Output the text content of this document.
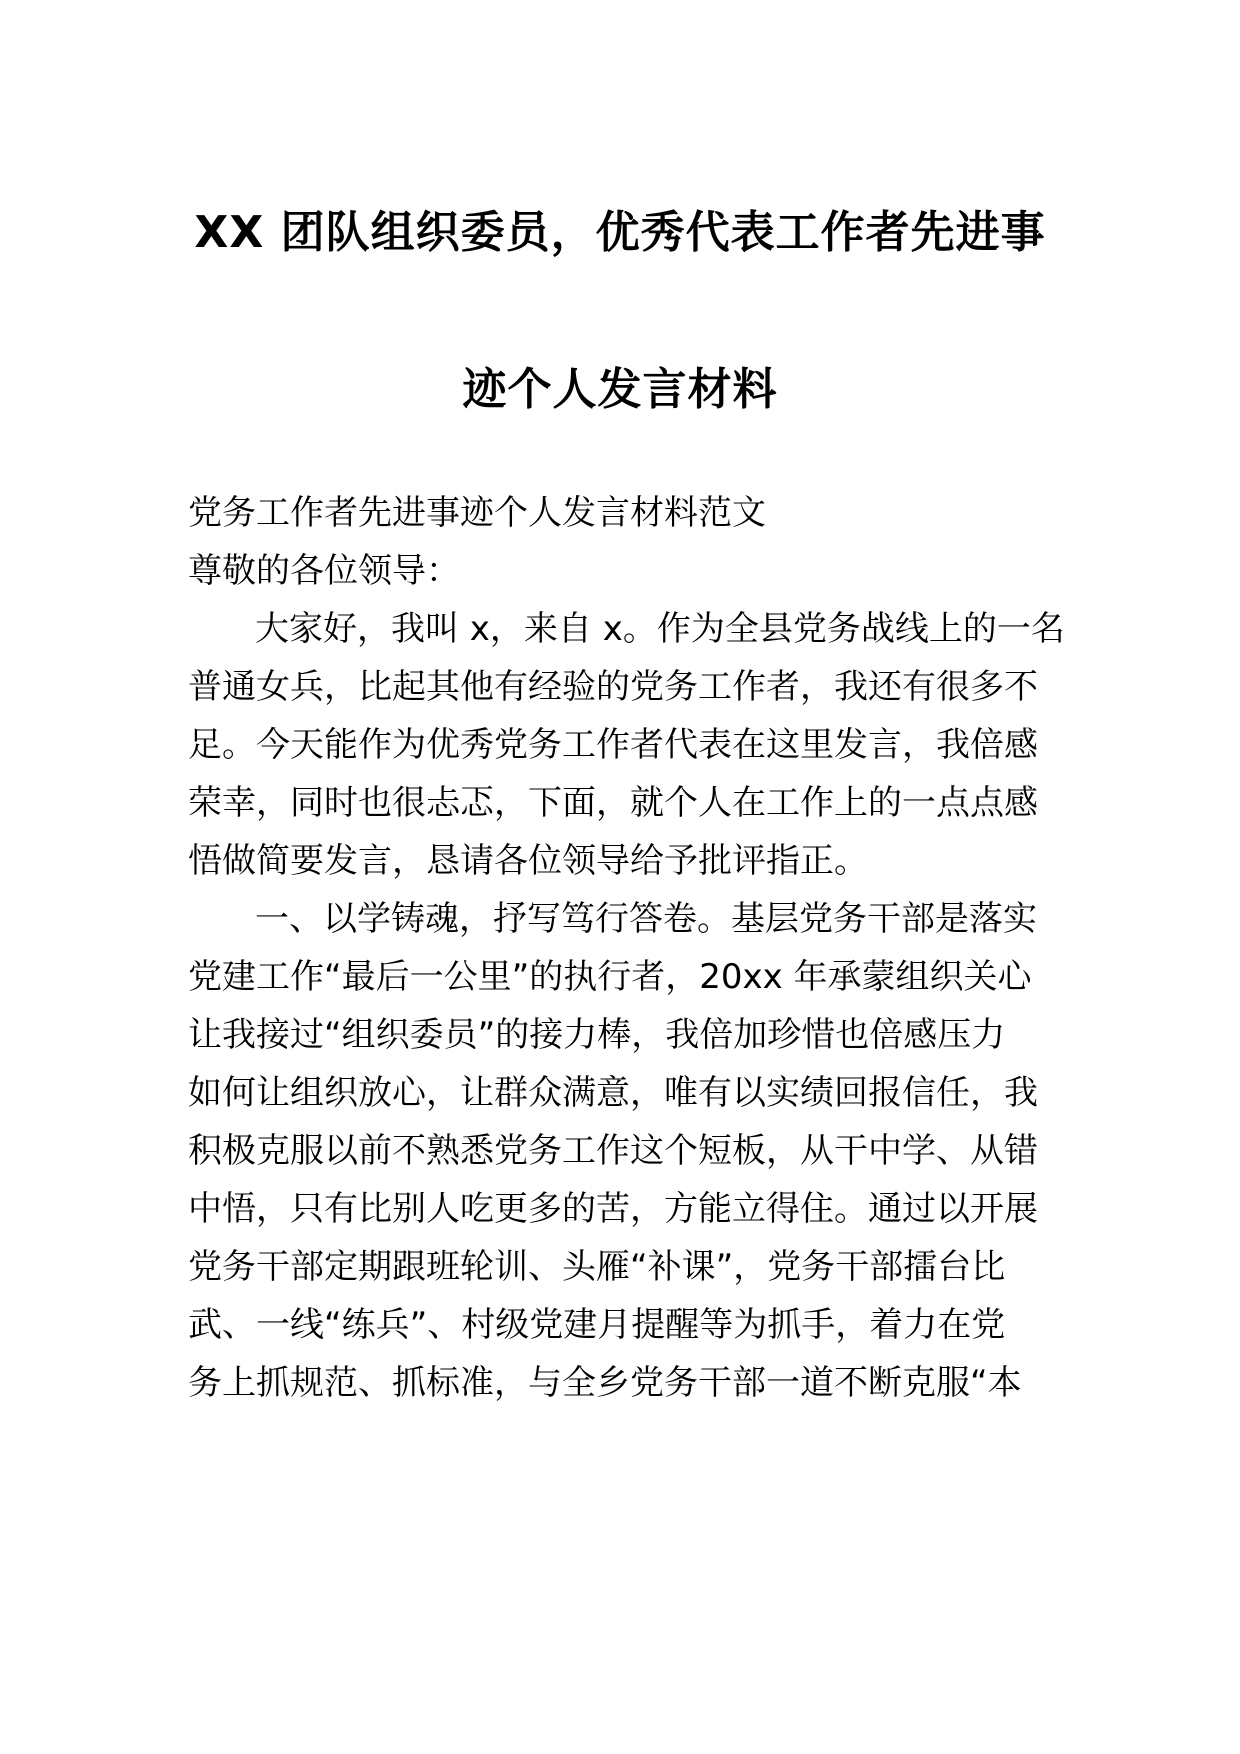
XX 团队组织委员，优秀代表工作者先进事
迹个人发言材料
党务工作者先进事迹个人发言材料范文
尊敬的各位领导：
大家好，我叫 x，来自 x。作为全县党务战线上的一名
普通女兵，比起其他有经验的党务工作者，我还有很多不
足。今天能作为优秀党务工作者代表在这里发言，我倍感
荣幸，同时也很忐忑，下面，就个人在工作上的一点点感
悟做简要发言，恳请各位领导给予批评指正。
一、以学铸魂，抒写笃行答卷。基层党务干部是落实
党建工作“最后一公里”的执行者，20xx 年承蒙组织关心
让我接过“组织委员”的接力棒，我倍加珍惜也倍感压力
如何让组织放心，让群众满意，唯有以实绩回报信任，我
积极克服以前不熟悉党务工作这个短板，从干中学、从错
中悟，只有比别人吃更多的苦，方能立得住。通过以开展
党务干部定期跟班轮训、头雁“补课”，党务干部擂台比
武、一线“练兵”、村级党建月提醒等为抓手，着力在党
务上抓规范、抓标准，与全乡党务干部一道不断克服“本
